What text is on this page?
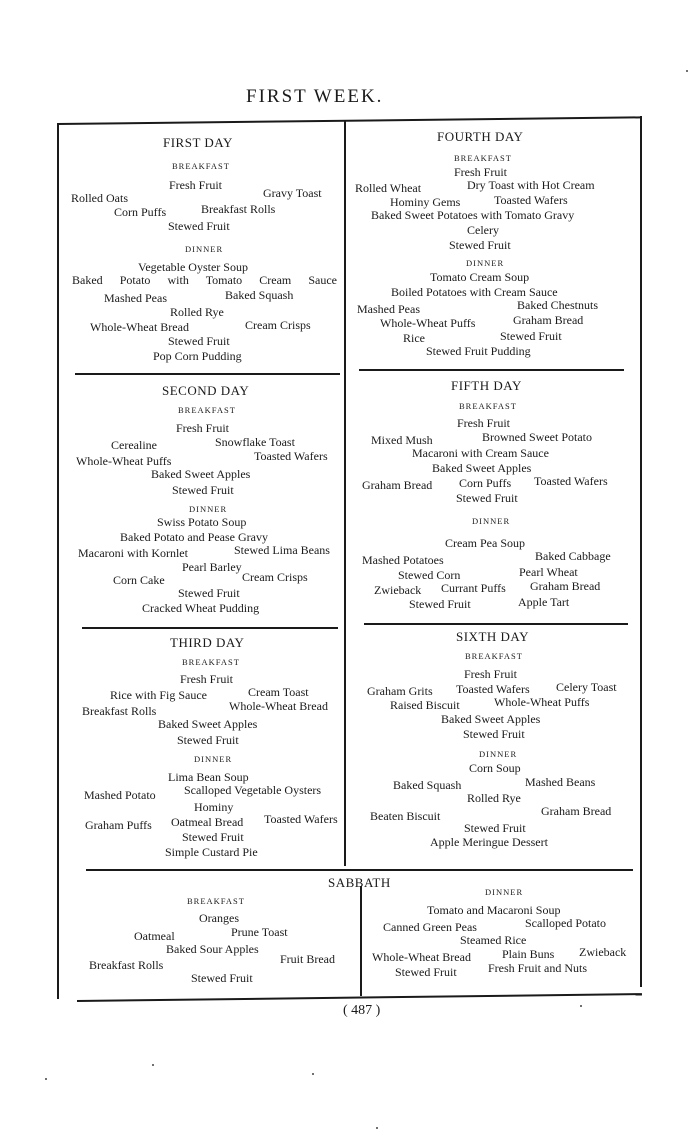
FIRST WEEK.
FIRST DAY
BREAKFAST
Fresh Fruit
Rolled Oats	Gravy Toast
Corn Puffs	Breakfast Rolls
Stewed Fruit
DINNER
Vegetable Oyster Soup
Baked Potato with Tomato Cream Sauce
Mashed Peas	Baked Squash
Rolled Rye
Whole-Wheat Bread	Cream Crisps
Stewed Fruit
Pop Corn Pudding
SECOND DAY
BREAKFAST
Fresh Fruit
Cerealine	Snowflake Toast
Whole-Wheat Puffs	Toasted Wafers
Baked Sweet Apples
Stewed Fruit
DINNER
Swiss Potato Soup
Baked Potato and Pease Gravy
Macaroni with Kornlet	Stewed Lima Beans
Pearl Barley
Corn Cake	Cream Crisps
Stewed Fruit
Cracked Wheat Pudding
THIRD DAY
BREAKFAST
Fresh Fruit
Rice with Fig Sauce	Cream Toast
Breakfast Rolls	Whole-Wheat Bread
Baked Sweet Apples
Stewed Fruit
DINNER
Lima Bean Soup
Mashed Potato Scalloped Vegetable Oysters
Hominy
Graham Puffs Oatmeal Bread Toasted Wafers
Stewed Fruit
Simple Custard Pie
FOURTH DAY
BREAKFAST
Fresh Fruit
Rolled Wheat	Dry Toast with Hot Cream
Hominy Gems	Toasted Wafers
Baked Sweet Potatoes with Tomato Gravy
Celery
Stewed Fruit
DINNER
Tomato Cream Soup
Boiled Potatoes with Cream Sauce
Mashed Peas	Baked Chestnuts
Whole-Wheat Puffs	Graham Bread
Rice	Stewed Fruit
Stewed Fruit Pudding
FIFTH DAY
BREAKFAST
Fresh Fruit
Mixed Mush	Browned Sweet Potato
Macaroni with Cream Sauce
Baked Sweet Apples
Graham Bread Corn Puffs Toasted Wafers
Stewed Fruit
DINNER
Cream Pea Soup
Mashed Potatoes	Baked Cabbage
Stewed Corn	Pearl Wheat
Zwieback Currant Puffs Graham Bread
Stewed Fruit	Apple Tart
SIXTH DAY
BREAKFAST
Fresh Fruit
Graham Grits Toasted Wafers Celery Toast
Raised Biscuit	Whole-Wheat Puffs
Baked Sweet Apples
Stewed Fruit
DINNER
Corn Soup
Baked Squash	Mashed Beans
Rolled Rye
Beaten Biscuit	Graham Bread
Stewed Fruit
Apple Meringue Dessert
SABBATH
BREAKFAST
Oranges
Oatmeal	Prune Toast
Baked Sour Apples
Fruit Bread
Breakfast Rolls
Stewed Fruit
DINNER
Tomato and Macaroni Soup
Canned Green Peas	Scalloped Potato
Steamed Rice
Whole-Wheat Bread	Plain Buns Zwieback
Stewed Fruit	Fresh Fruit and Nuts
( 487 )
